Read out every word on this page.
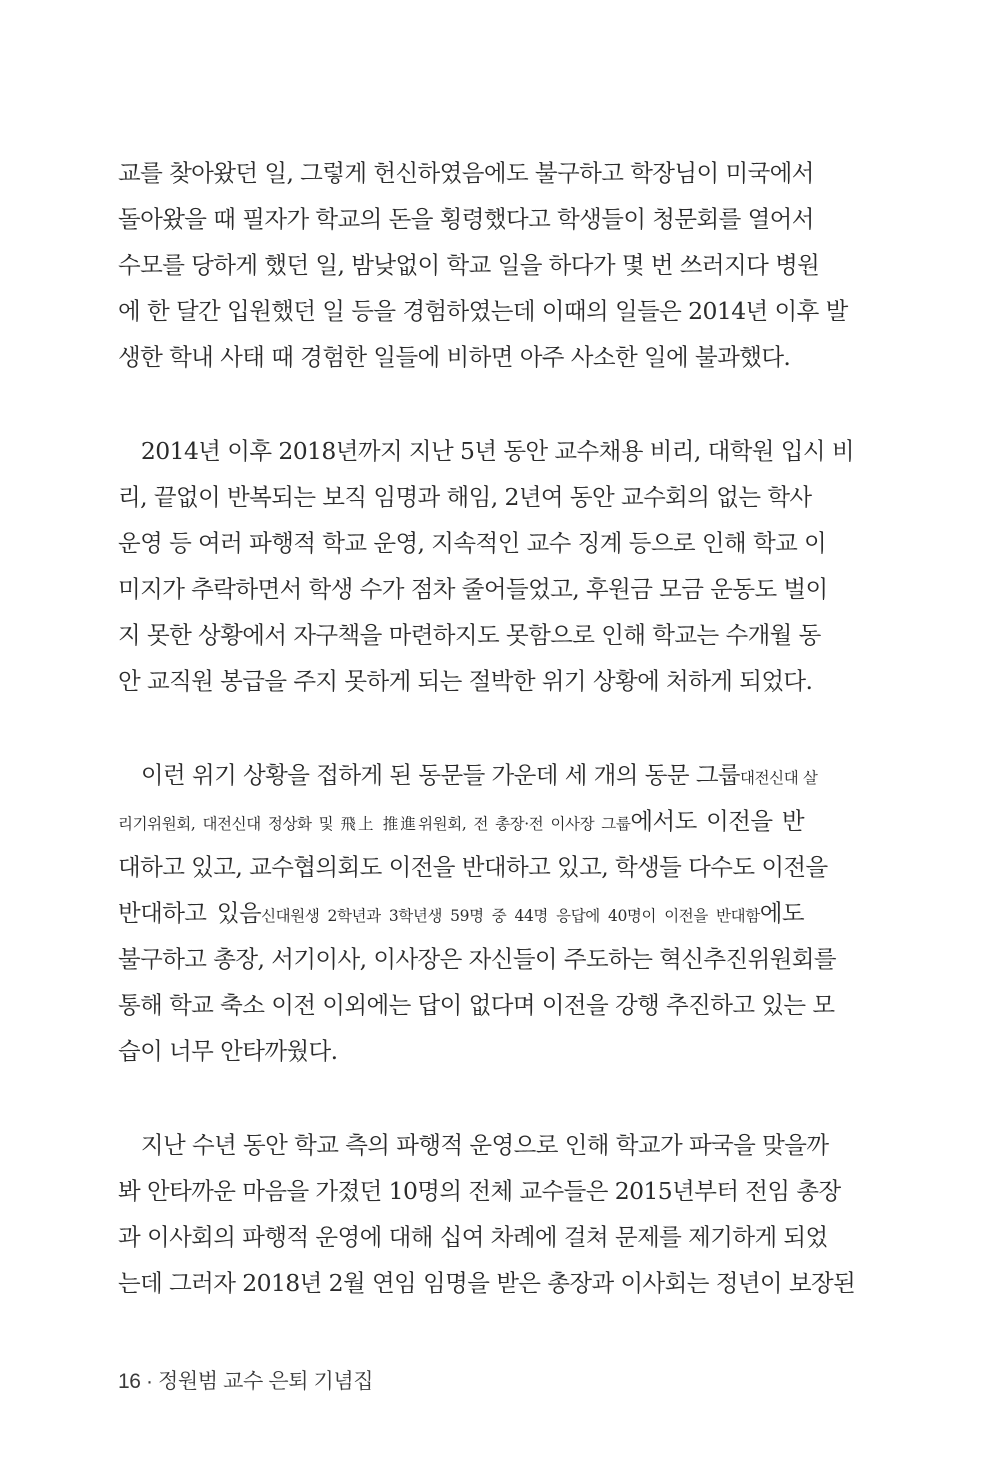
교를 찾아왔던 일, 그렇게 헌신하였음에도 불구하고 학장님이 미국에서
돌아왔을 때 필자가 학교의 돈을 횡령했다고 학생들이 청문회를 열어서
수모를 당하게 했던 일, 밤낮없이 학교 일을 하다가 몇 번 쓰러지다 병원
에 한 달간 입원했던 일 등을 경험하였는데 이때의 일들은 2014년 이후 발
생한 학내 사태 때 경험한 일들에 비하면 아주 사소한 일에 불과했다.
　2014년 이후 2018년까지 지난 5년 동안 교수채용 비리, 대학원 입시 비
리, 끝없이 반복되는 보직 임명과 해임, 2년여 동안 교수회의 없는 학사
운영 등 여러 파행적 학교 운영, 지속적인 교수 징계 등으로 인해 학교 이
미지가 추락하면서 학생 수가 점차 줄어들었고, 후원금 모금 운동도 벌이
지 못한 상황에서 자구책을 마련하지도 못함으로 인해 학교는 수개월 동
안 교직원 봉급을 주지 못하게 되는 절박한 위기 상황에 처하게 되었다.
　이런 위기 상황을 접하게 된 동문들 가운데 세 개의 동문 그룹대전신대 살
리기위원회, 대전신대 정상화 및 飛上 推進위원회, 전 총장·전 이사장 그룹에서도 이전을 반
대하고 있고, 교수협의회도 이전을 반대하고 있고, 학생들 다수도 이전을
반대하고 있음신대원생 2학년과 3학년생 59명 중 44명 응답에 40명이 이전을 반대함에도
불구하고 총장, 서기이사, 이사장은 자신들이 주도하는 혁신추진위원회를
통해 학교 축소 이전 이외에는 답이 없다며 이전을 강행 추진하고 있는 모
습이 너무 안타까웠다.
　지난 수년 동안 학교 측의 파행적 운영으로 인해 학교가 파국을 맞을까
봐 안타까운 마음을 가졌던 10명의 전체 교수들은 2015년부터 전임 총장
과 이사회의 파행적 운영에 대해 십여 차례에 걸쳐 문제를 제기하게 되었
는데 그러자 2018년 2월 연임 임명을 받은 총장과 이사회는 정년이 보장된
16 · 정원범 교수 은퇴 기념집
